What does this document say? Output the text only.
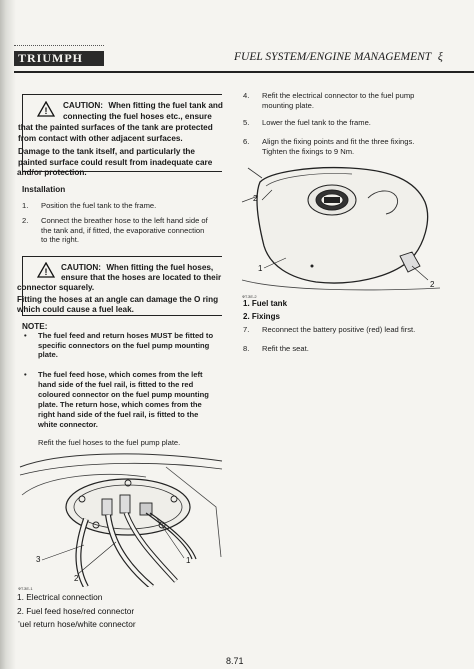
TRIUMPH	FUEL SYSTEM/ENGINE MANAGEMENT ξ
!
CAUTION: When fitting the fuel tank and
connecting the fuel hoses etc., ensure
that the painted surfaces of the tank are protected
from contact with other adjacent surfaces.
Damage to the tank itself, and particularly the
painted surface could result from inadequate care
and/or protection.
Installation
1. Position the fuel tank to the frame.
2. Connect the breather hose to the left hand side of
the tank and, if fitted, the evaporative connection
to the right.
! CAUTION: When fitting the fuel hoses,
ensure that the hoses are located to their
connector squarely.
Fitting the hoses at an angle can damage the O ring
which could cause a fuel leak.
NOTE:
• The fuel feed and return hoses MUST be fitted to
specific connectors on the fuel pump mounting
plate.
• The fuel feed hose, which comes from the left
hand side of the fuel rail, is fitted to the red
coloured connector on the fuel pump mounting
plate. The return hose, which comes from the
right hand side of the fuel rail, is fitted to the
white connector.
Refit the fuel hoses to the fuel pump plate.
3
2
1
ФТ.ЗЕ-1
1. Electrical connection
2. Fuel feed hose/red connector
’uel return hose/white connector
4. Refit the electrical connector to the fuel pump
mounting plate.
5. Lower the fuel tank to the frame.
6. Align the fixing points and fit the three fixings.
Tighten the fixings to 9 Nm.
2
1
2
ФТ.ЗЕ-2
1. Fuel tank
2. Fixings
7. Reconnect the battery positive (red) lead first.
8. Refit the seat.
8.71
